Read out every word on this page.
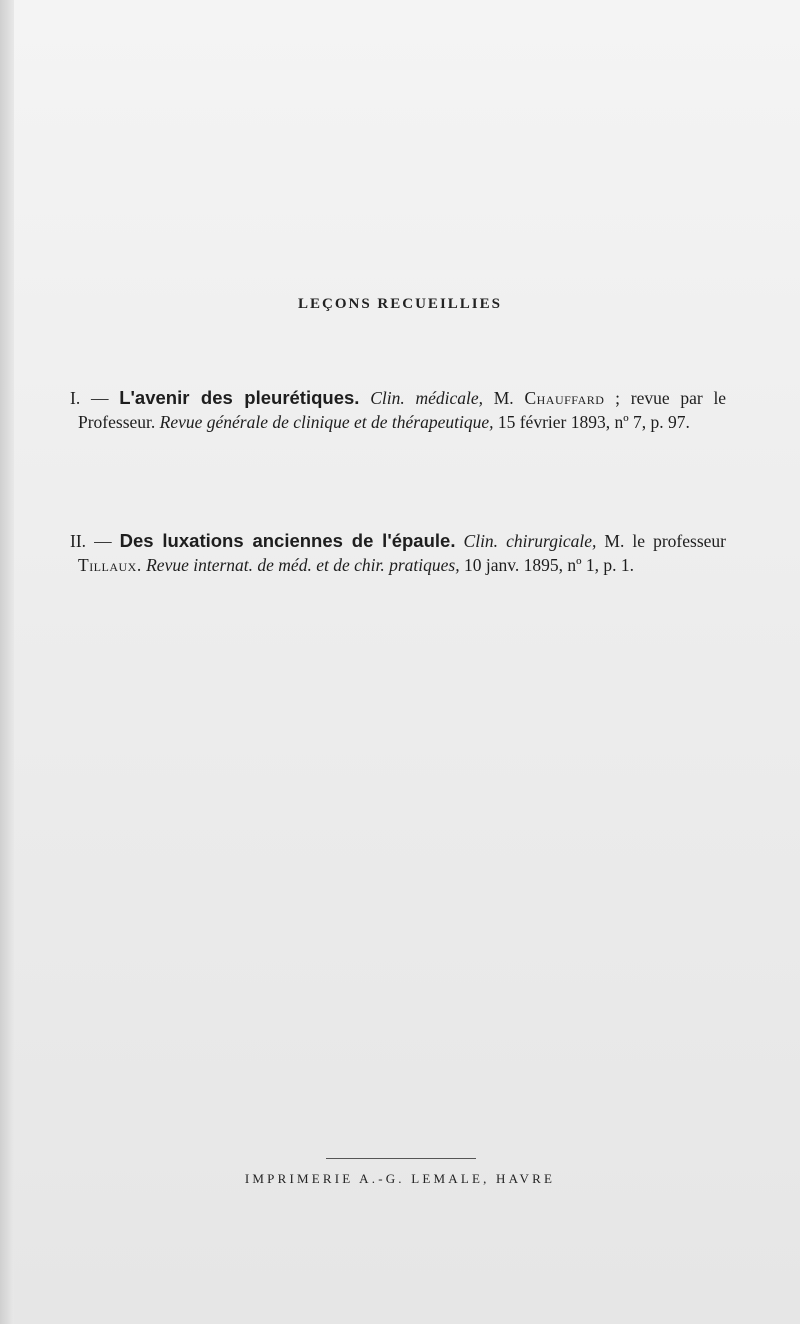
LEÇONS RECUEILLIES

I. — L'avenir des pleurétiques. Clin. médicale, M. Chauffard ; revue par le Professeur. Revue générale de clinique et de thérapeutique, 15 février 1893, nº 7, p. 97.

II. — Des luxations anciennes de l'épaule. Clin. chirurgicale, M. le professeur Tillaux. Revue internat. de méd. et de chir. pratiques, 10 janv. 1895, nº 1, p. 1.

IMPRIMERIE A.-G. LEMALE, HAVRE
